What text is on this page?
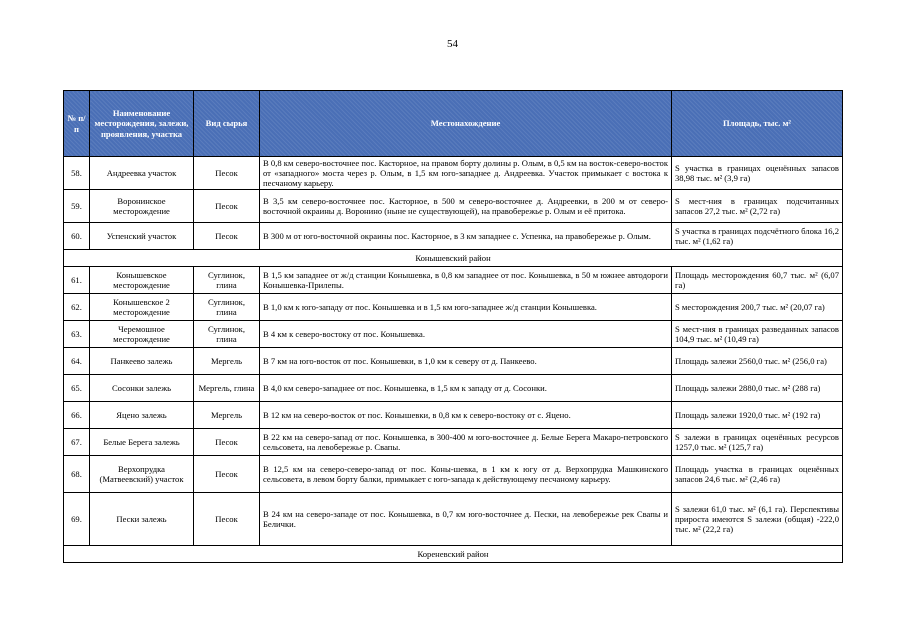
54
№ п/п	Наименование месторождения, залежи, проявления, участка	Вид сырья	Местонахождение	Площадь, тыс. м²
58.	Андреевка участок	Песок	В 0,8 км северо-восточнее пос. Касторное, на правом борту долины р. Олым, в 0,5 км на восток-северо-восток от «западного» моста через р. Олым, в 1,5 км юго-западнее д. Андреевка. Участок примыкает с востока к песчаному карьеру.	S участка в границах оценённых запасов 38,98 тыс. м² (3,9 га)
59.	Воронинское месторождение	Песок	В 3,5 км северо-восточнее пос. Касторное, в 500 м северо-восточнее д. Андреевки, в 200 м от северо-восточной окраины д. Воронино (ныне не существующей), на правобережье р. Олым и её притока.	S мест-ния в границах подсчитанных запасов 27,2 тыс. м² (2,72 га)
60.	Успенский участок	Песок	В 300 м от юго-восточной окраины пос. Касторное, в 3 км западнее с. Успенка, на правобережье р. Олым.	S участка в границах подсчётного блока 16,2 тыс. м² (1,62 га)
Конышевский район				
61.	Конышевское месторождение	Суглинок, глина	В 1,5 км западнее от ж/д станции Конышевка, в 0,8 км западнее от пос. Конышевка, в 50 м южнее автодороги Конышевка-Прилепы.	Площадь месторождения 60,7 тыс. м² (6,07 га)
62.	Конышевское 2 месторождение	Суглинок, глина	В 1,0 км к юго-западу от пос. Конышевка и в 1,5 км юго-западнее ж/д станции Конышевка.	S месторождения 200,7 тыс. м² (20,07 га)
63.	Черемошное месторождение	Суглинок, глина	В 4 км к северо-востоку от пос. Конышевка.	S мест-ния в границах разведанных запасов 104,9 тыс. м² (10,49 га)
64.	Панкеево залежь	Мергель	В 7 км на юго-восток от пос. Конышевки, в 1,0 км к северу от д. Панкеево.	Площадь залежи 2560,0 тыс. м² (256,0 га)
65.	Сосонки залежь	Мергель, глина	В 4,0 км северо-западнее от пос. Конышевка, в 1,5 км к западу от д. Сосонки.	Площадь залежи 2880,0 тыс. м² (288 га)
66.	Яцено залежь	Мергель	В 12 км на северо-восток от пос. Конышевки, в 0,8 км к северо-востоку от с. Яцено.	Площадь залежи 1920,0 тыс. м² (192 га)
67.	Белые Берега залежь	Песок	В 22 км на северо-запад от пос. Конышевка, в 300-400 м юго-восточнее д. Белые Берега Макаро-петровского сельсовета, на левобережье р. Свапы.	S залежи в границах оценённых ресурсов 1257,0 тыс. м² (125,7 га)
68.	Верхопрудка (Матвеевский) участок	Песок	В 12,5 км на северо-северо-запад от пос. Коны-шевка, в 1 км к югу от д. Верхопрудка Машкинского сельсовета, в левом борту балки, примыкает с юго-запада к действующему песчаному карьеру.	Площадь участка в границах оценённых запасов 24,6 тыс. м² (2,46 га)
69.	Пески залежь	Песок	В 24 км на северо-западе от пос. Конышевка, в 0,7 км юго-восточнее д. Пески, на левобережье рек Свапы и Белички.	S залежи 61,0 тыс. м² (6,1 га). Перспективы прироста имеются S залежи (общая) -222,0 тыс. м² (22,2 га)
Кореневский район				
